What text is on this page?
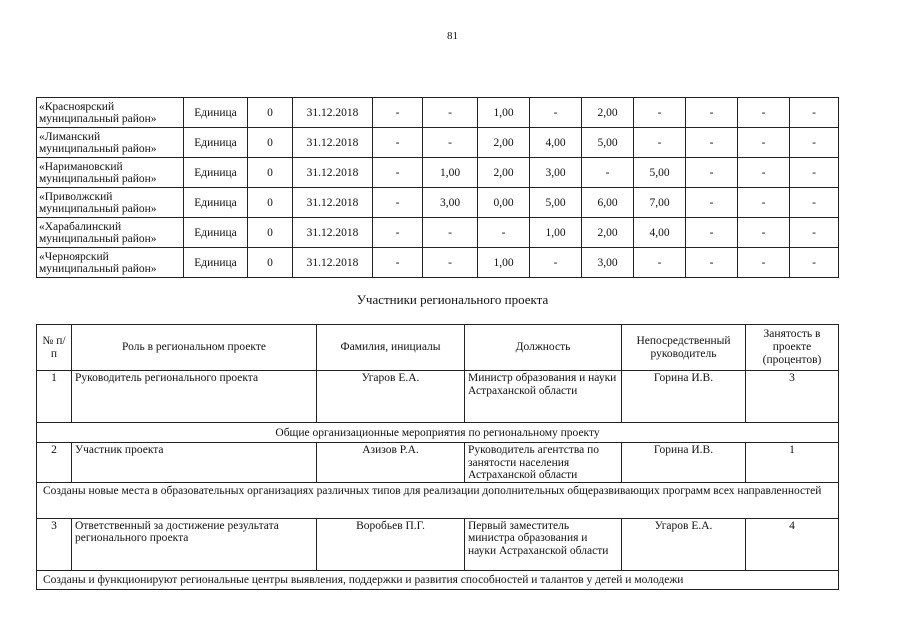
81
«Красноярский
муниципальный район»	Единица	0	31.12.2018	-	-	1,00	-	2,00	-	-	-	-

«Лиманский
муниципальный район»	Единица	0	31.12.2018	-	-	2,00	4,00	5,00	-	-	-	-

«Наримановский
муниципальный район»	Единица	0	31.12.2018	-	1,00	2,00	3,00	-	5,00	-	-	-

«Приволжский
муниципальный район»	Единица	0	31.12.2018	-	3,00	0,00	5,00	6,00	7,00	-	-	-

«Харабалинский
муниципальный район»	Единица	0	31.12.2018	-	-	-	1,00	2,00	4,00	-	-	-

«Черноярский
муниципальный район»	Единица	0	31.12.2018	-	-	1,00	-	3,00	-	-	-	-
Участники регионального проекта
№ п/п	Роль в региональном проекте	Фамилия, инициалы	Должность	Непосредственный руководитель	Занятость в проекте (процентов)
1	Руководитель регионального проекта	Угаров Е.А.	Министр образования и науки Астраханской области	Горина И.В.	3
Общие организационные мероприятия по региональному проекту					
2	Участник проекта	Азизов Р.А.	Руководитель агентства по занятости населения Астраханской области	Горина И.В.	1
Созданы новые места в образовательных организациях различных типов для реализации дополнительных общеразвивающих программ всех направленностей					
3	Ответственный за достижение результата регионального проекта	Воробьев П.Г.	Первый заместитель министра образования и науки Астраханской области	Угаров Е.А.	4
Созданы и функционируют региональные центры выявления, поддержки и развития способностей и талантов у детей и молодежи					
